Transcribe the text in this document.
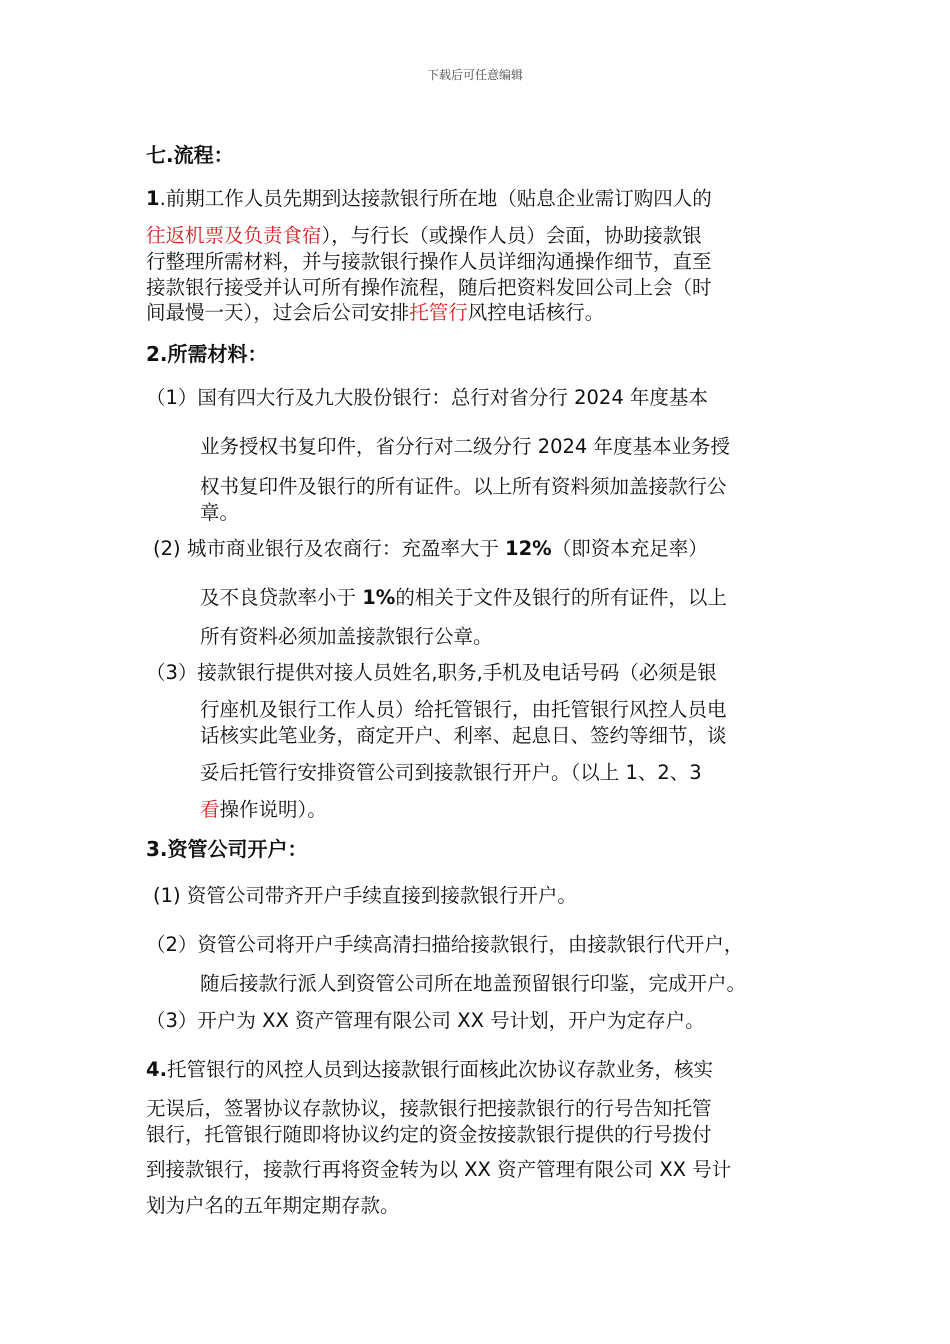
下载后可任意编辑
七.流程：
1.前期工作人员先期到达接款银行所在地（贴息企业需订购四人的
往返机票及负责食宿），与行长（或操作人员）会面，协助接款银
行整理所需材料，并与接款银行操作人员详细沟通操作细节，直至
接款银行接受并认可所有操作流程，随后把资料发回公司上会（时
间最慢一天），过会后公司安排托管行风控电话核行。
2.所需材料：
（1）国有四大行及九大股份银行：总行对省分行 2024 年度基本
业务授权书复印件，省分行对二级分行 2024 年度基本业务授
权书复印件及银行的所有证件。以上所有资料须加盖接款行公
章。
(2) 城市商业银行及农商行：充盈率大于 12%（即资本充足率）
及不良贷款率小于 1%的相关于文件及银行的所有证件，以上
所有资料必须加盖接款银行公章。
（3）接款银行提供对接人员姓名,职务,手机及电话号码（必须是银
行座机及银行工作人员）给托管银行，由托管银行风控人员电
话核实此笔业务，商定开户、利率、起息日、签约等细节，谈
妥后托管行安排资管公司到接款银行开户。（以上 1、2、3
看操作说明）。
3.资管公司开户：
(1) 资管公司带齐开户手续直接到接款银行开户。
（2）资管公司将开户手续高清扫描给接款银行，由接款银行代开户，
随后接款行派人到资管公司所在地盖预留银行印鉴，完成开户。
（3）开户为 XX 资产管理有限公司 XX 号计划，开户为定存户。
4.托管银行的风控人员到达接款银行面核此次协议存款业务，核实
无误后，签署协议存款协议，接款银行把接款银行的行号告知托管
银行，托管银行随即将协议约定的资金按接款银行提供的行号拨付
到接款银行，接款行再将资金转为以 XX 资产管理有限公司 XX 号计
划为户名的五年期定期存款。
